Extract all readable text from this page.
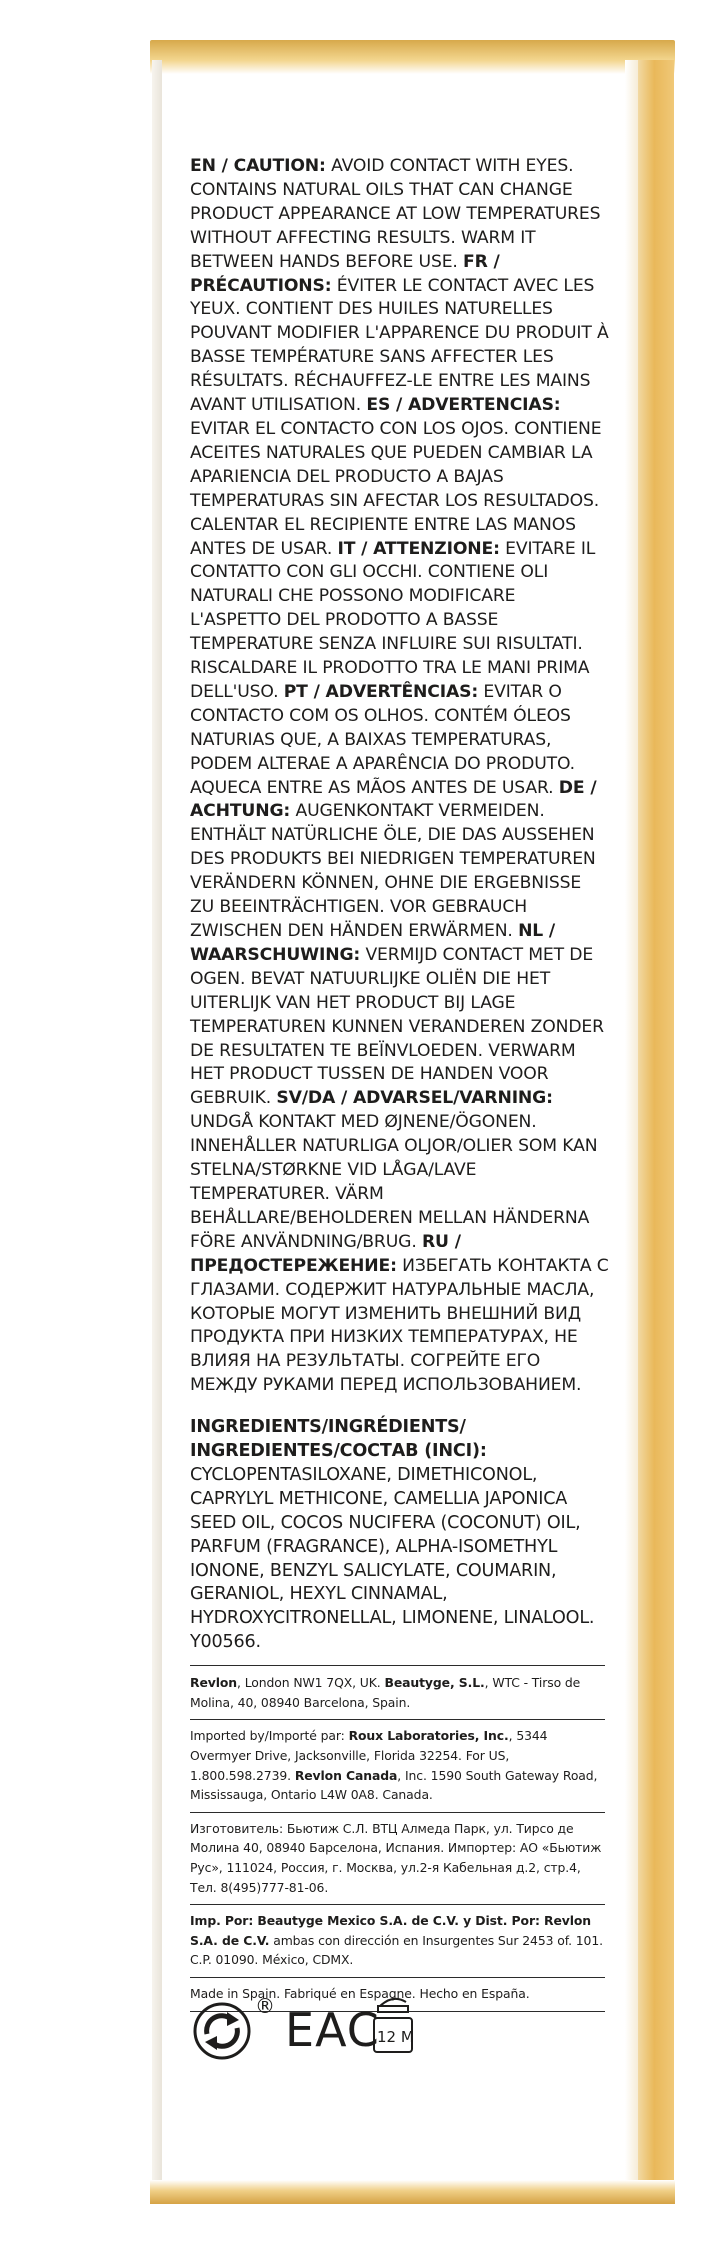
EN / CAUTION: AVOID CONTACT WITH EYES. CONTAINS NATURAL OILS THAT CAN CHANGE PRODUCT APPEARANCE AT LOW TEMPERATURES WITHOUT AFFECTING RESULTS. WARM IT BETWEEN HANDS BEFORE USE. FR / PRÉCAUTIONS: ÉVITER LE CONTACT AVEC LES YEUX. CONTIENT DES HUILES NATURELLES POUVANT MODIFIER L'APPARENCE DU PRODUIT À BASSE TEMPÉRATURE SANS AFFECTER LES RÉSULTATS. RÉCHAUFFEZ-LE ENTRE LES MAINS AVANT UTILISATION. ES / ADVERTENCIAS: EVITAR EL CONTACTO CON LOS OJOS. CONTIENE ACEITES NATURALES QUE PUEDEN CAMBIAR LA APARIENCIA DEL PRODUCTO A BAJAS TEMPERATURAS SIN AFECTAR LOS RESULTADOS. CALENTAR EL RECIPIENTE ENTRE LAS MANOS ANTES DE USAR. IT / ATTENZIONE: EVITARE IL CONTATTO CON GLI OCCHI. CONTIENE OLI NATURALI CHE POSSONO MODIFICARE L'ASPETTO DEL PRODOTTO A BASSE TEMPERATURE SENZA INFLUIRE SUI RISULTATI. RISCALDARE IL PRODOTTO TRA LE MANI PRIMA DELL'USO. PT / ADVERTÊNCIAS: EVITAR O CONTACTO COM OS OLHOS. CONTÉM ÓLEOS NATURIAS QUE, A BAIXAS TEMPERATURAS, PODEM ALTERAE A APARÊNCIA DO PRODUTO. AQUECA ENTRE AS MÃOS ANTES DE USAR. DE / ACHTUNG: AUGENKONTAKT VERMEIDEN. ENTHÄLT NATÜRLICHE ÖLE, DIE DAS AUSSEHEN DES PRODUKTS BEI NIEDRIGEN TEMPERATUREN VERÄNDERN KÖNNEN, OHNE DIE ERGEBNISSE ZU BEEINTRÄCHTIGEN. VOR GEBRAUCH ZWISCHEN DEN HÄNDEN ERWÄRMEN. NL / WAARSCHUWING: VERMIJD CONTACT MET DE OGEN. BEVAT NATUURLIJKE OLIËN DIE HET UITERLIJK VAN HET PRODUCT BIJ LAGE TEMPERATUREN KUNNEN VERANDEREN ZONDER DE RESULTATEN TE BEÏNVLOEDEN. VERWARM HET PRODUCT TUSSEN DE HANDEN VOOR GEBRUIK. SV/DA / ADVARSEL/VARNING: UNDGÅ KONTAKT MED ØJNENE/ÖGONEN. INNEHÅLLER NATURLIGA OLJOR/OLIER SOM KAN STELNA/STØRKNE VID LÅGA/LAVE TEMPERATURER. VÄRM BEHÅLLARE/BEHOLDEREN MELLAN HÄNDERNA FÖRE ANVÄNDNING/BRUG. RU / ПРЕДОСТЕРЕЖЕНИЕ: ИЗБЕГАТЬ КОНТАКТА С ГЛАЗАМИ. СОДЕРЖИТ НАТУРАЛЬНЫЕ МАСЛА, КОТОРЫЕ МОГУТ ИЗМЕНИТЬ ВНЕШНИЙ ВИД ПРОДУКТА ПРИ НИЗКИХ ТЕМПЕРАТУРАХ, НЕ ВЛИЯЯ НА РЕЗУЛЬТАТЫ. СОГРЕЙТЕ ЕГО МЕЖДУ РУКАМИ ПЕРЕД ИСПОЛЬЗОВАНИЕМ.

INGREDIENTS/INGRÉDIENTS/ INGREDIENTES/СОСТАВ (INCI):
CYCLOPENTASILOXANE, DIMETHICONOL, CAPRYLYL METHICONE, CAMELLIA JAPONICA SEED OIL, COCOS NUCIFERA (COCONUT) OIL, PARFUM (FRAGRANCE), ALPHA-ISOMETHYL IONONE, BENZYL SALICYLATE, COUMARIN, GERANIOL, HEXYL CINNAMAL, HYDROXYCITRONELLAL, LIMONENE, LINALOOL. Y00566.

Revlon, London NW1 7QX, UK. Beautyge, S.L., WTC - Tirso de Molina, 40, 08940 Barcelona, Spain.

Imported by/Importé par: Roux Laboratories, Inc., 5344 Overmyer Drive, Jacksonville, Florida 32254. For US, 1.800.598.2739. Revlon Canada, Inc. 1590 South Gateway Road, Mississauga, Ontario L4W 0A8. Canada.

Изготовитель: Бьютиж С.Л. ВТЦ Алмеда Парк, ул. Тирсо де Молина 40, 08940 Барселона, Испания. Импортер: АО «Бьютиж Рус», 111024, Россия, г. Москва, ул.2-я Кабельная д.2, стр.4, Тел. 8(495)777-81-06.

Imp. Por: Beautyge Mexico S.A. de C.V. y Dist. Por: Revlon S.A. de C.V. ambas con dirección en Insurgentes Sur 2453 of. 101. C.P. 01090. México, CDMX.

Made in Spain. Fabriqué en Espagne. Hecho en España.

® EAC
12 M
